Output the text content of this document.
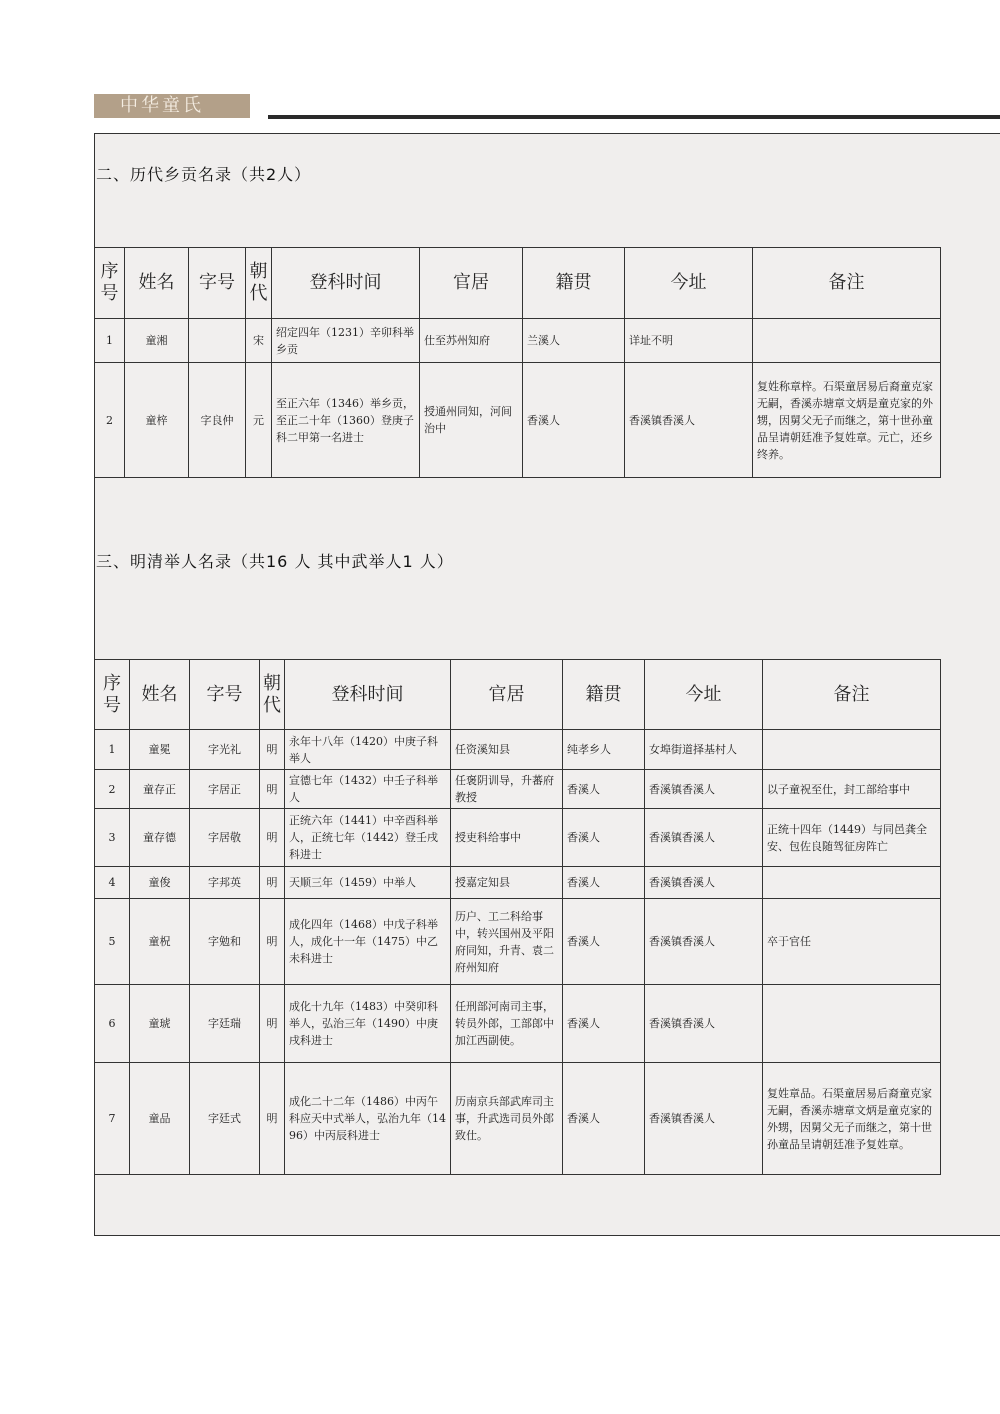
中华童氏
二、历代乡贡名录（共2人）
序号	姓名	字号	朝代	登科时间	官居	籍贯	今址	备注
1	童湘		宋	绍定四年（1231）辛卯科举乡贡	仕至苏州知府	兰溪人	详址不明	
2	童梓	字良仲	元	至正六年（1346）举乡贡，至正二十年（1360）登庚子科二甲第一名进士	授通州同知，河间治中	香溪人	香溪镇香溪人	复姓称章梓。石渠童居易后裔童克家无嗣，香溪赤塘章文炳是童克家的外甥，因舅父无子而继之，第十世孙童品呈请朝廷准予复姓章。元亡，还乡终养。
三、明清举人名录（共16 人 其中武举人1 人）
序号	姓名	字号	朝代	登科时间	官居	籍贯	今址	备注
1	童冕	字光礼	明	永年十八年（1420）中庚子科举人	任资溪知县	纯孝乡人	女埠街道择基村人	
2	童存正	字居正	明	宣德七年（1432）中壬子科举人	任褒阴训导，升蕃府教授	香溪人	香溪镇香溪人	以子童祝至仕，封工部给事中
3	童存德	字居敬	明	正统六年（1441）中辛酉科举人，正统七年（1442）登壬戌科进士	授吏科给事中	香溪人	香溪镇香溪人	正统十四年（1449）与同邑龚全安、包佐良随驾征房阵亡
4	童俊	字邦英	明	天顺三年（1459）中举人	授嘉定知县	香溪人	香溪镇香溪人	
5	童柷	字勉和	明	成化四年（1468）中戊子科举人，成化十一年（1475）中乙未科进士	历户、工二科给事中，转兴国州及平阳府同知，升青、袁二府州知府	香溪人	香溪镇香溪人	卒于官任
6	童琥	字廷瑞	明	成化十九年（1483）中癸卯科举人，弘治三年（1490）中庚戌科进士	任刑部河南司主事，转员外郎，工部郎中加江西副使。	香溪人	香溪镇香溪人	
7	童品	字廷式	明	成化二十二年（1486）中丙午科应天中式举人，弘治九年（1496）中丙辰科进士	历南京兵部武库司主事，升武选司员外郎致仕。	香溪人	香溪镇香溪人	复姓章品。石渠童居易后裔童克家无嗣，香溪赤塘章文炳是童克家的外甥，因舅父无子而继之，第十世孙童品呈请朝廷准予复姓章。
